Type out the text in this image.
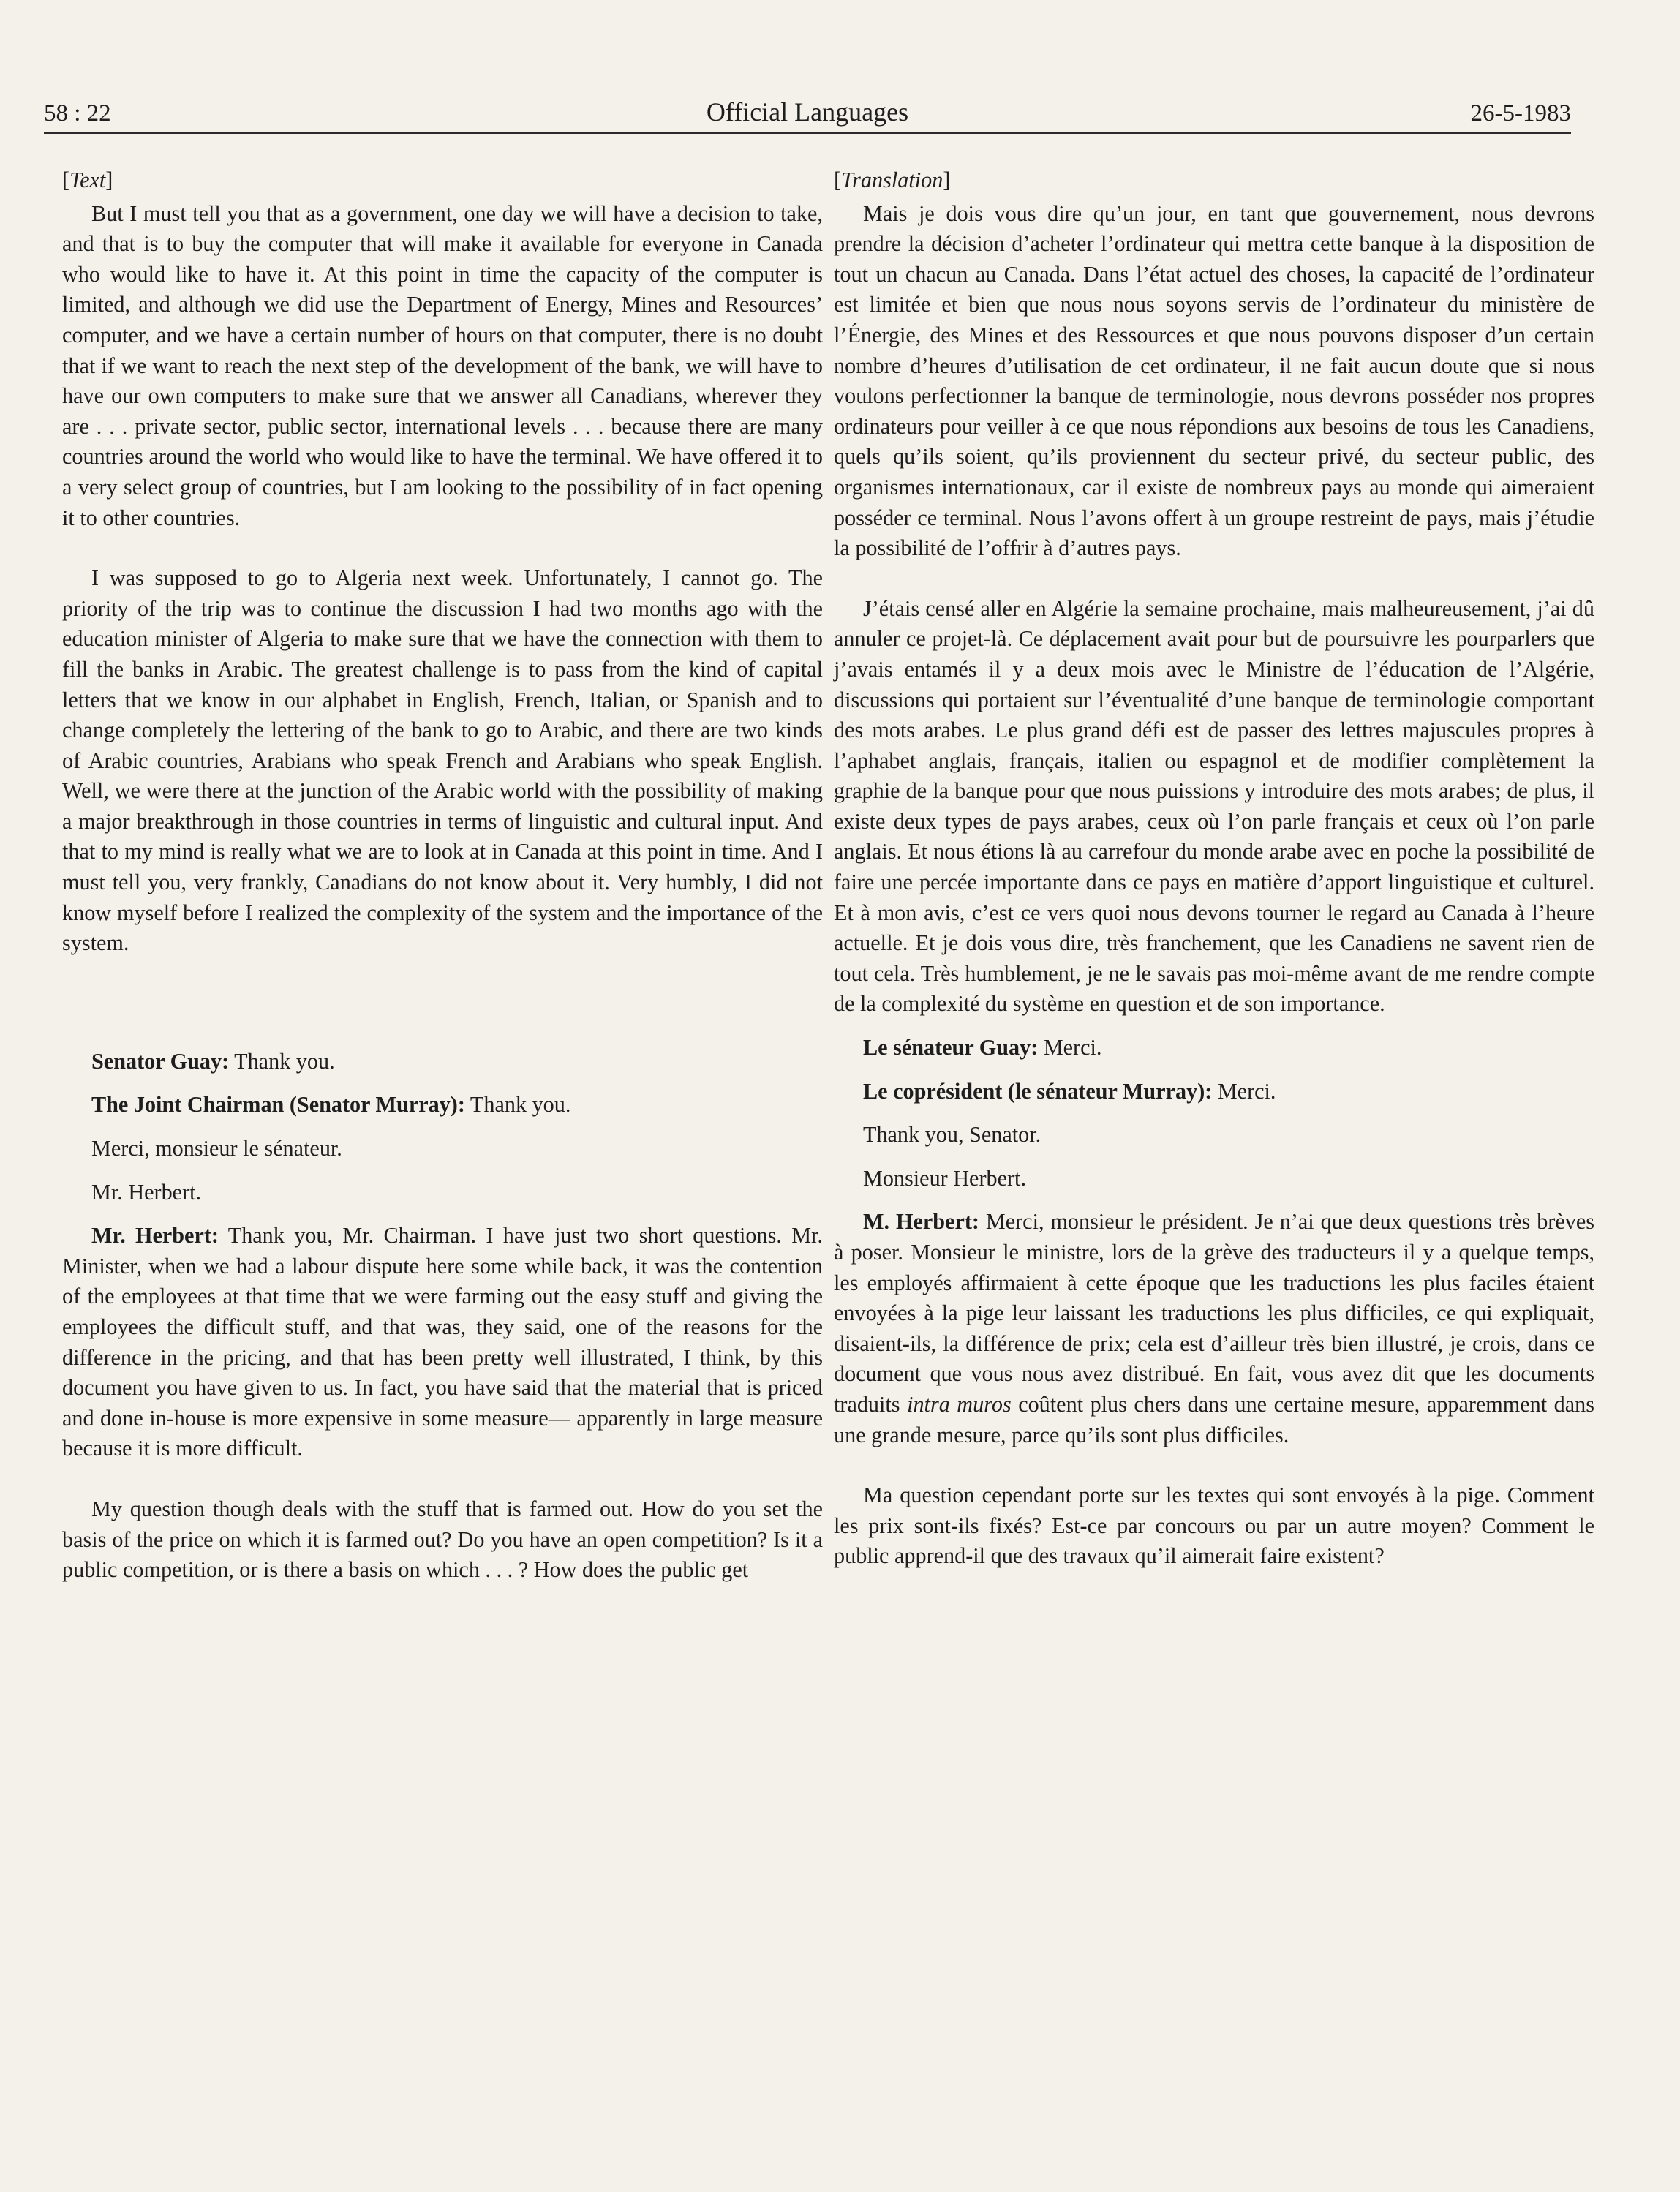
58 : 22	Official Languages	26-5-1983

[Text]

But I must tell you that as a government, one day we will have a decision to take, and that is to buy the computer that will make it available for everyone in Canada who would like to have it. At this point in time the capacity of the computer is limited, and although we did use the Department of Energy, Mines and Resources’ computer, and we have a certain number of hours on that computer, there is no doubt that if we want to reach the next step of the development of the bank, we will have to have our own computers to make sure that we answer all Canadians, wherever they are . . . private sector, public sector, international levels . . . because there are many countries around the world who would like to have the terminal. We have offered it to a very select group of countries, but I am looking to the possibility of in fact opening it to other countries.

I was supposed to go to Algeria next week. Unfortunately, I cannot go. The priority of the trip was to continue the discussion I had two months ago with the education minister of Algeria to make sure that we have the connection with them to fill the banks in Arabic. The greatest challenge is to pass from the kind of capital letters that we know in our alphabet in English, French, Italian, or Spanish and to change completely the lettering of the bank to go to Arabic, and there are two kinds of Arabic countries, Arabians who speak French and Arabians who speak English. Well, we were there at the junction of the Arabic world with the possibility of making a major breakthrough in those countries in terms of linguistic and cultural input. And that to my mind is really what we are to look at in Canada at this point in time. And I must tell you, very frankly, Canadians do not know about it. Very humbly, I did not know myself before I realized the complexity of the system and the importance of the system.

Senator Guay: Thank you.

The Joint Chairman (Senator Murray): Thank you.

Merci, monsieur le sénateur.

Mr. Herbert.

Mr. Herbert: Thank you, Mr. Chairman. I have just two short questions. Mr. Minister, when we had a labour dispute here some while back, it was the contention of the employees at that time that we were farming out the easy stuff and giving the employees the difficult stuff, and that was, they said, one of the reasons for the difference in the pricing, and that has been pretty well illustrated, I think, by this document you have given to us. In fact, you have said that the material that is priced and done in-house is more expensive in some measure— apparently in large measure because it is more difficult.

My question though deals with the stuff that is farmed out. How do you set the basis of the price on which it is farmed out? Do you have an open competition? Is it a public competition, or is there a basis on which . . . ? How does the public get

[Translation]

Mais je dois vous dire qu’un jour, en tant que gouvernement, nous devrons prendre la décision d’acheter l’ordinateur qui mettra cette banque à la disposition de tout un chacun au Canada. Dans l’état actuel des choses, la capacité de l’ordinateur est limitée et bien que nous nous soyons servis de l’ordinateur du ministère de l’Énergie, des Mines et des Ressources et que nous pouvons disposer d’un certain nombre d’heures d’utilisation de cet ordinateur, il ne fait aucun doute que si nous voulons perfectionner la banque de terminologie, nous devrons posséder nos propres ordinateurs pour veiller à ce que nous répondions aux besoins de tous les Canadiens, quels qu’ils soient, qu’ils proviennent du secteur privé, du secteur public, des organismes internationaux, car il existe de nombreux pays au monde qui aimeraient posséder ce terminal. Nous l’avons offert à un groupe restreint de pays, mais j’étudie la possibilité de l’offrir à d’autres pays.

J’étais censé aller en Algérie la semaine prochaine, mais malheureusement, j’ai dû annuler ce projet-là. Ce déplacement avait pour but de poursuivre les pourparlers que j’avais entamés il y a deux mois avec le Ministre de l’éducation de l’Algérie, discussions qui portaient sur l’éventualité d’une banque de terminologie comportant des mots arabes. Le plus grand défi est de passer des lettres majuscules propres à l’aphabet anglais, français, italien ou espagnol et de modifier complètement la graphie de la banque pour que nous puissions y introduire des mots arabes; de plus, il existe deux types de pays arabes, ceux où l’on parle français et ceux où l’on parle anglais. Et nous étions là au carrefour du monde arabe avec en poche la possibilité de faire une percée importante dans ce pays en matière d’apport linguistique et culturel. Et à mon avis, c’est ce vers quoi nous devons tourner le regard au Canada à l’heure actuelle. Et je dois vous dire, très franchement, que les Canadiens ne savent rien de tout cela. Très humblement, je ne le savais pas moi-même avant de me rendre compte de la complexité du système en question et de son importance.

Le sénateur Guay: Merci.

Le coprésident (le sénateur Murray): Merci.

Thank you, Senator.

Monsieur Herbert.

M. Herbert: Merci, monsieur le président. Je n’ai que deux questions très brèves à poser. Monsieur le ministre, lors de la grève des traducteurs il y a quelque temps, les employés affirmaient à cette époque que les traductions les plus faciles étaient envoyées à la pige leur laissant les traductions les plus difficiles, ce qui expliquait, disaient-ils, la différence de prix; cela est d’ailleur très bien illustré, je crois, dans ce document que vous nous avez distribué. En fait, vous avez dit que les documents traduits intra muros coûtent plus chers dans une certaine mesure, apparemment dans une grande mesure, parce qu’ils sont plus difficiles.

Ma question cependant porte sur les textes qui sont envoyés à la pige. Comment les prix sont-ils fixés? Est-ce par concours ou par un autre moyen? Comment le public apprend-il que des travaux qu’il aimerait faire existent?
